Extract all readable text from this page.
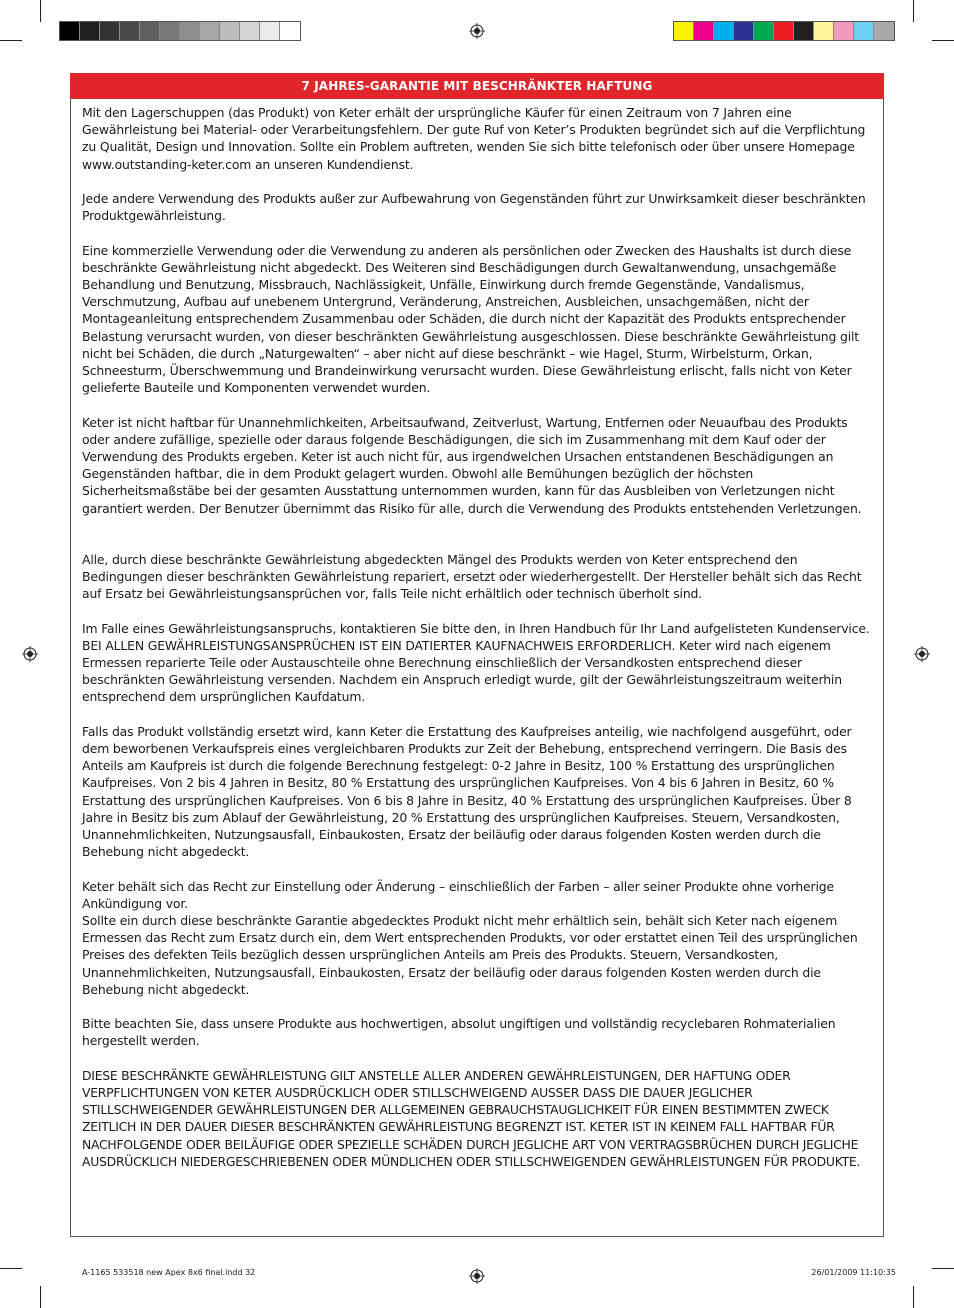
7 JAHRES-GARANTIE MIT BESCHRÄNKTER HAFTUNG

Mit den Lagerschuppen (das Produkt) von Keter erhält der ursprüngliche Käufer für einen Zeitraum von 7 Jahren eine Gewährleistung bei Material- oder Verarbeitungsfehlern. Der gute Ruf von Keter’s Produkten begründet sich auf die Verpflichtung zu Qualität, Design und Innovation. Sollte ein Problem auftreten, wenden Sie sich bitte telefonisch oder über unsere Homepage www.outstanding-keter.com an unseren Kundendienst.

Jede andere Verwendung des Produkts außer zur Aufbewahrung von Gegenständen führt zur Unwirksamkeit dieser beschränkten Produktgewährleistung.

Eine kommerzielle Verwendung oder die Verwendung zu anderen als persönlichen oder Zwecken des Haushalts ist durch diese beschränkte Gewährleistung nicht abgedeckt. Des Weiteren sind Beschädigungen durch Gewaltanwendung, unsachgemäße Behandlung und Benutzung, Missbrauch, Nachlässigkeit, Unfälle, Einwirkung durch fremde Gegenstände, Vandalismus, Verschmutzung, Aufbau auf unebenem Untergrund, Veränderung, Anstreichen, Ausbleichen, unsachgemäßen, nicht der Montageanleitung entsprechendem Zusammenbau oder Schäden, die durch nicht der Kapazität des Produkts entsprechender Belastung verursacht wurden, von dieser beschränkten Gewährleistung ausgeschlossen. Diese beschränkte Gewährleistung gilt nicht bei Schäden, die durch „Naturgewalten“ – aber nicht auf diese beschränkt – wie Hagel, Sturm, Wirbelsturm, Orkan, Schneesturm, Überschwemmung und Brandeinwirkung verursacht wurden. Diese Gewährleistung erlischt, falls nicht von Keter gelieferte Bauteile und Komponenten verwendet wurden.

Keter ist nicht haftbar für Unannehmlichkeiten, Arbeitsaufwand, Zeitverlust, Wartung, Entfernen oder Neuaufbau des Produkts oder andere zufällige, spezielle oder daraus folgende Beschädigungen, die sich im Zusammenhang mit dem Kauf oder der Verwendung des Produkts ergeben. Keter ist auch nicht für, aus irgendwelchen Ursachen entstandenen Beschädigungen an Gegenständen haftbar, die in dem Produkt gelagert wurden. Obwohl alle Bemühungen bezüglich der höchsten Sicherheitsmaßstäbe bei der gesamten Ausstattung unternommen wurden, kann für das Ausbleiben von Verletzungen nicht garantiert werden. Der Benutzer übernimmt das Risiko für alle, durch die Verwendung des Produkts entstehenden Verletzungen.

Alle, durch diese beschränkte Gewährleistung abgedeckten Mängel des Produkts werden von Keter entsprechend den Bedingungen dieser beschränkten Gewährleistung repariert, ersetzt oder wiederhergestellt. Der Hersteller behält sich das Recht auf Ersatz bei Gewährleistungsansprüchen vor, falls Teile nicht erhältlich oder technisch überholt sind.

Im Falle eines Gewährleistungsanspruchs, kontaktieren Sie bitte den, in Ihren Handbuch für Ihr Land aufgelisteten Kundenservice. BEI ALLEN GEWÄHRLEISTUNGSANSPRÜCHEN IST EIN DATIERTER KAUFNACHWEIS ERFORDERLICH. Keter wird nach eigenem Ermessen reparierte Teile oder Austauschteile ohne Berechnung einschließlich der Versandkosten entsprechend dieser beschränkten Gewährleistung versenden. Nachdem ein Anspruch erledigt wurde, gilt der Gewährleistungszeitraum weiterhin entsprechend dem ursprünglichen Kaufdatum.

Falls das Produkt vollständig ersetzt wird, kann Keter die Erstattung des Kaufpreises anteilig, wie nachfolgend ausgeführt, oder dem beworbenen Verkaufspreis eines vergleichbaren Produkts zur Zeit der Behebung, entsprechend verringern. Die Basis des Anteils am Kaufpreis ist durch die folgende Berechnung festgelegt: 0-2 Jahre in Besitz, 100 % Erstattung des ursprünglichen Kaufpreises. Von 2 bis 4 Jahren in Besitz, 80 % Erstattung des ursprünglichen Kaufpreises. Von 4 bis 6 Jahren in Besitz, 60 % Erstattung des ursprünglichen Kaufpreises. Von 6 bis 8 Jahre in Besitz, 40 % Erstattung des ursprünglichen Kaufpreises. Über 8 Jahre in Besitz bis zum Ablauf der Gewährleistung, 20 % Erstattung des ursprünglichen Kaufpreises. Steuern, Versandkosten, Unannehmlichkeiten, Nutzungsausfall, Einbaukosten, Ersatz der beiläufig oder daraus folgenden Kosten werden durch die Behebung nicht abgedeckt.

Keter behält sich das Recht zur Einstellung oder Änderung – einschließlich der Farben – aller seiner Produkte ohne vorherige Ankündigung vor.

Sollte ein durch diese beschränkte Garantie abgedecktes Produkt nicht mehr erhältlich sein, behält sich Keter nach eigenem Ermessen das Recht zum Ersatz durch ein, dem Wert entsprechenden Produkts, vor oder erstattet einen Teil des ursprünglichen Preises des defekten Teils bezüglich dessen ursprünglichen Anteils am Preis des Produkts. Steuern, Versandkosten, Unannehmlichkeiten, Nutzungsausfall, Einbaukosten, Ersatz der beiläufig oder daraus folgenden Kosten werden durch die Behebung nicht abgedeckt.

Bitte beachten Sie, dass unsere Produkte aus hochwertigen, absolut ungiftigen und vollständig recyclebaren Rohmaterialien hergestellt werden.

DIESE BESCHRÄNKTE GEWÄHRLEISTUNG GILT ANSTELLE ALLER ANDEREN GEWÄHRLEISTUNGEN, DER HAFTUNG ODER VERPFLICHTUNGEN VON KETER AUSDRÜCKLICH ODER STILLSCHWEIGEND AUSSER DASS DIE DAUER JEGLICHER STILLSCHWEIGENDER GEWÄHRLEISTUNGEN DER ALLGEMEINEN GEBRAUCHSTAUGLICHKEIT FÜR EINEN BESTIMMTEN ZWECK ZEITLICH IN DER DAUER DIESER BESCHRÄNKTEN GEWÄHRLEISTUNG BEGRENZT IST. KETER IST IN KEINEM FALL HAFTBAR FÜR NACHFOLGENDE ODER BEILÄUFIGE ODER SPEZIELLE SCHÄDEN DURCH JEGLICHE ART VON VERTRAGSBRÜCHEN DURCH JEGLICHE AUSDRÜCKLICH NIEDERGESCHRIEBENEN ODER MÜNDLICHEN ODER STILLSCHWEIGENDEN GEWÄHRLEISTUNGEN FÜR PRODUKTE.

A-1165 533518 new Apex 8x6 final.indd 32	26/01/2009 11:10:35
